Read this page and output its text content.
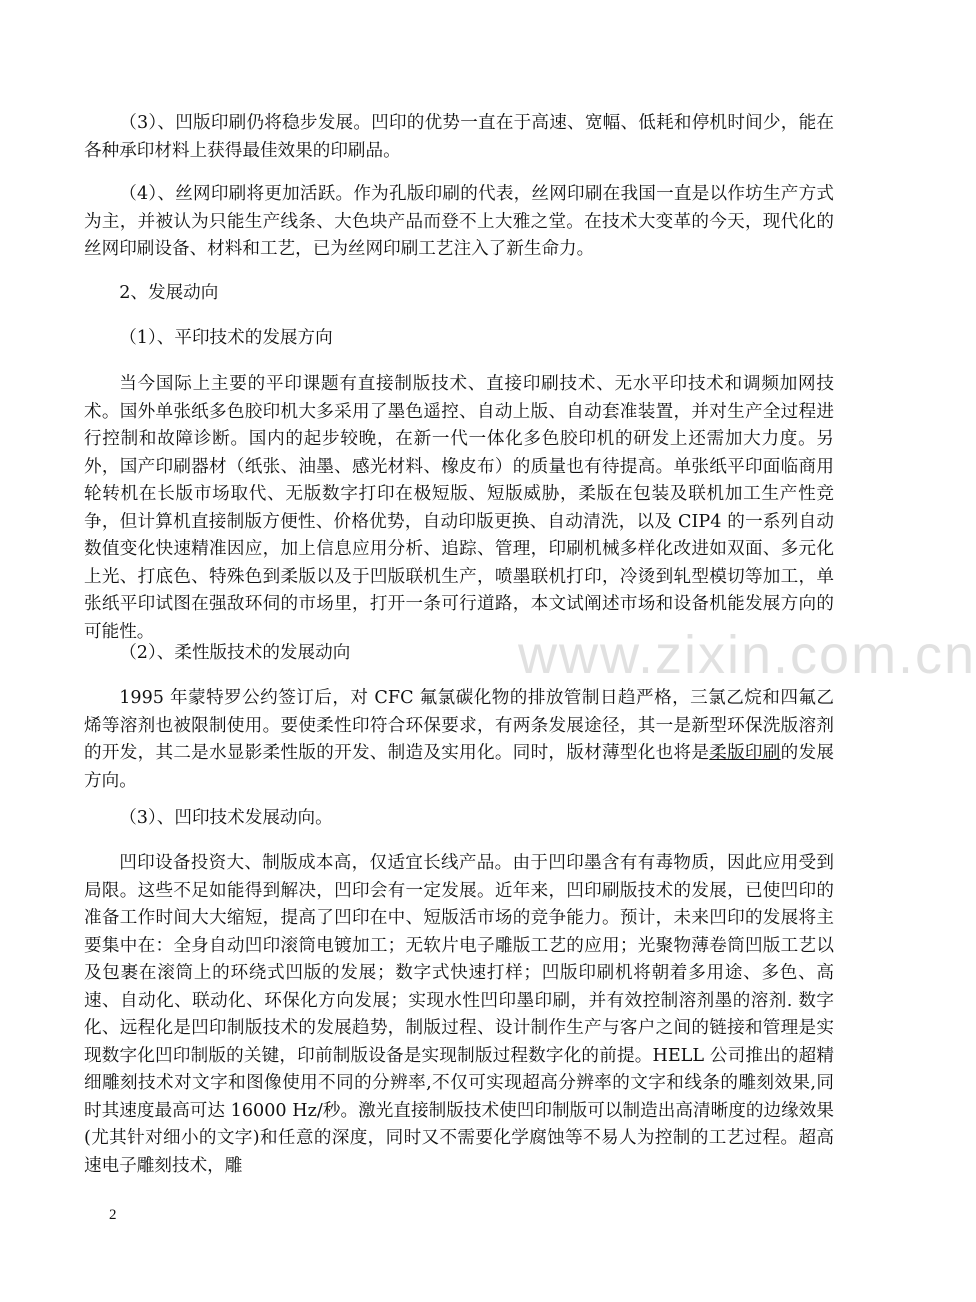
（3）、凹版印刷仍将稳步发展。凹印的优势一直在于高速、宽幅、低耗和停机时间少，能在各种承印材料上获得最佳效果的印刷品。

（4）、丝网印刷将更加活跃。作为孔版印刷的代表，丝网印刷在我国一直是以作坊生产方式为主，并被认为只能生产线条、大色块产品而登不上大雅之堂。在技术大变革的今天，现代化的丝网印刷设备、材料和工艺，已为丝网印刷工艺注入了新生命力。

2、发展动向

（1）、平印技术的发展方向

当今国际上主要的平印课题有直接制版技术、直接印刷技术、无水平印技术和调频加网技术。国外单张纸多色胶印机大多采用了墨色遥控、自动上版、自动套准装置，并对生产全过程进行控制和故障诊断。国内的起步较晚，在新一代一体化多色胶印机的研发上还需加大力度。另外，国产印刷器材（纸张、油墨、感光材料、橡皮布）的质量也有待提高。单张纸平印面临商用轮转机在长版市场取代、无版数字打印在极短版、短版威胁，柔版在包装及联机加工生产性竞争，但计算机直接制版方便性、价格优势，自动印版更换、自动清洗，以及 CIP4 的一系列自动数值变化快速精准因应，加上信息应用分析、追踪、管理，印刷机械多样化改进如双面、多元化上光、打底色、特殊色到柔版以及于凹版联机生产，喷墨联机打印，冷烫到轧型模切等加工，单张纸平印试图在强敌环伺的市场里，打开一条可行道路，本文试阐述市场和设备机能发展方向的可能性。

（2）、柔性版技术的发展动向

1995 年蒙特罗公约签订后，对 CFC 氟氯碳化物的排放管制日趋严格，三氯乙烷和四氟乙烯等溶剂也被限制使用。要使柔性印符合环保要求，有两条发展途径，其一是新型环保洗版溶剂的开发，其二是水显影柔性版的开发、制造及实用化。同时，版材薄型化也将是柔版印刷的发展方向。

（3）、凹印技术发展动向。

凹印设备投资大、制版成本高，仅适宜长线产品。由于凹印墨含有有毒物质，因此应用受到局限。这些不足如能得到解决，凹印会有一定发展。近年来，凹印刷版技术的发展，已使凹印的准备工作时间大大缩短，提高了凹印在中、短版活市场的竞争能力。预计，未来凹印的发展将主要集中在：全身自动凹印滚筒电镀加工；无软片电子雕版工艺的应用；光聚物薄卷筒凹版工艺以及包裹在滚筒上的环绕式凹版的发展；数字式快速打样；凹版印刷机将朝着多用途、多色、高速、自动化、联动化、环保化方向发展；实现水性凹印墨印刷，并有效控制溶剂墨的溶剂. 数字化、远程化是凹印制版技术的发展趋势，制版过程、设计制作生产与客户之间的链接和管理是实现数字化凹印制版的关键，印前制版设备是实现制版过程数字化的前提。HELL 公司推出的超精细雕刻技术对文字和图像使用不同的分辨率,不仅可实现超高分辨率的文字和线条的雕刻效果,同时其速度最高可达 16000 Hz/秒。激光直接制版技术使凹印制版可以制造出高清晰度的边缘效果(尤其针对细小的文字)和任意的深度，同时又不需要化学腐蚀等不易人为控制的工艺过程。超高速电子雕刻技术，雕

www.zixin.com.cn
2
